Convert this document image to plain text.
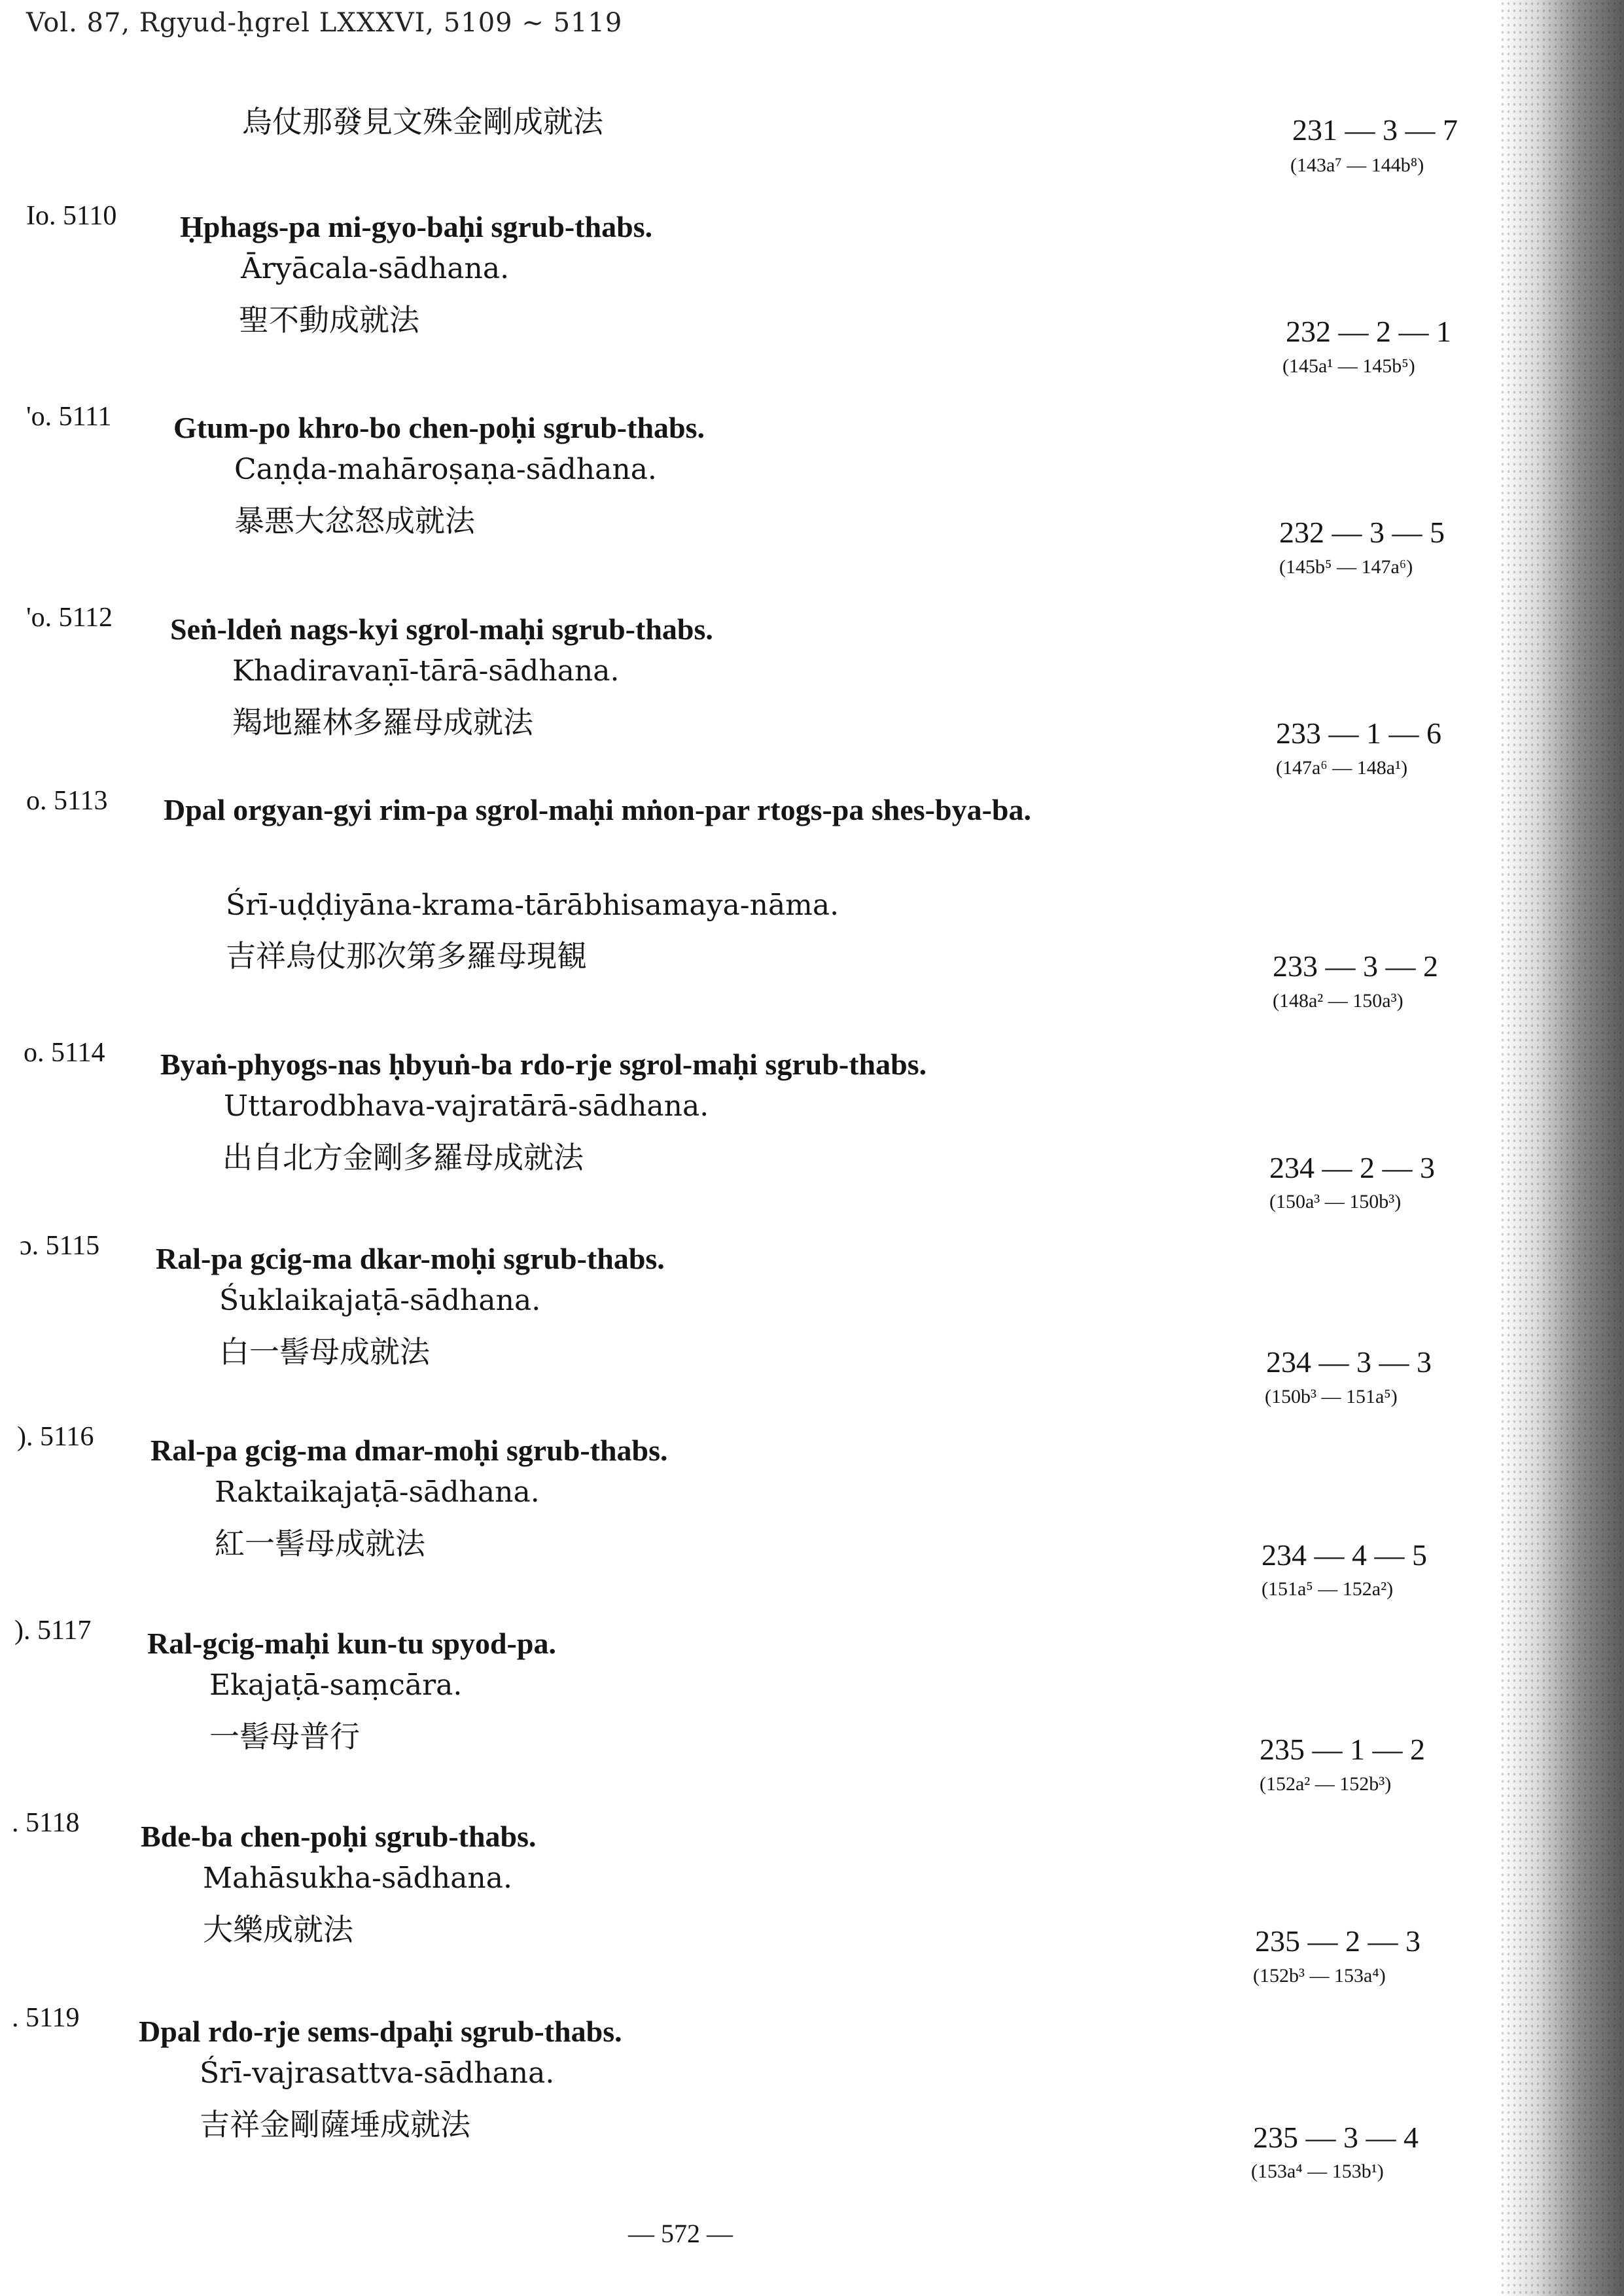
Vol. 87, Rgyud-ḥgrel LXXXVI, 5109 ∼ 5119
烏仗那發見文殊金剛成就法	231 — 3 — 7
(143a⁷ — 144b⁸)
Io. 5110 Ḥphags-pa mi-gyo-baḥi sgrub-thabs.
Āryācala-sādhana.
聖不動成就法	232 — 2 — 1
(145a¹ — 145b⁵)
'o. 5111 Gtum-po khro-bo chen-poḥi sgrub-thabs.
Caṇḍa-mahāroṣaṇa-sādhana.
暴悪大忿怒成就法	232 — 3 — 5
(145b⁵ — 147a⁶)
'o. 5112 Seṅ-ldeṅ nags-kyi sgrol-maḥi sgrub-thabs.
Khadiravaṇī-tārā-sādhana.
羯地羅林多羅母成就法	233 — 1 — 6
(147a⁶ — 148a¹)
o. 5113 Dpal orgyan-gyi rim-pa sgrol-maḥi mṅon-par rtogs-pa shes-bya-ba.
Śrī-uḍḍiyāna-krama-tārābhisamaya-nāma.
吉祥烏仗那次第多羅母現観	233 — 3 — 2
(148a² — 150a³)
o. 5114 Byaṅ-phyogs-nas ḥbyuṅ-ba rdo-rje sgrol-maḥi sgrub-thabs.
Uttarodbhava-vajratārā-sādhana.
出自北方金剛多羅母成就法	234 — 2 — 3
(150a³ — 150b³)
ɔ. 5115 Ral-pa gcig-ma dkar-moḥi sgrub-thabs.
Śuklaikajaṭā-sādhana.
白一髻母成就法	234 — 3 — 3
(150b³ — 151a⁵)
). 5116 Ral-pa gcig-ma dmar-moḥi sgrub-thabs.
Raktaikajaṭā-sādhana.
紅一髻母成就法	234 — 4 — 5
(151a⁵ — 152a²)
). 5117 Ral-gcig-maḥi kun-tu spyod-pa.
Ekajaṭā-saṃcāra.
一髻母普行	235 — 1 — 2
(152a² — 152b³)
. 5118 Bde-ba chen-poḥi sgrub-thabs.
Mahāsukha-sādhana.
大樂成就法	235 — 2 — 3
(152b³ — 153a⁴)
. 5119 Dpal rdo-rje sems-dpaḥi sgrub-thabs.
Śrī-vajrasattva-sādhana.
吉祥金剛薩埵成就法	235 — 3 — 4
(153a⁴ — 153b¹)
— 572 —
